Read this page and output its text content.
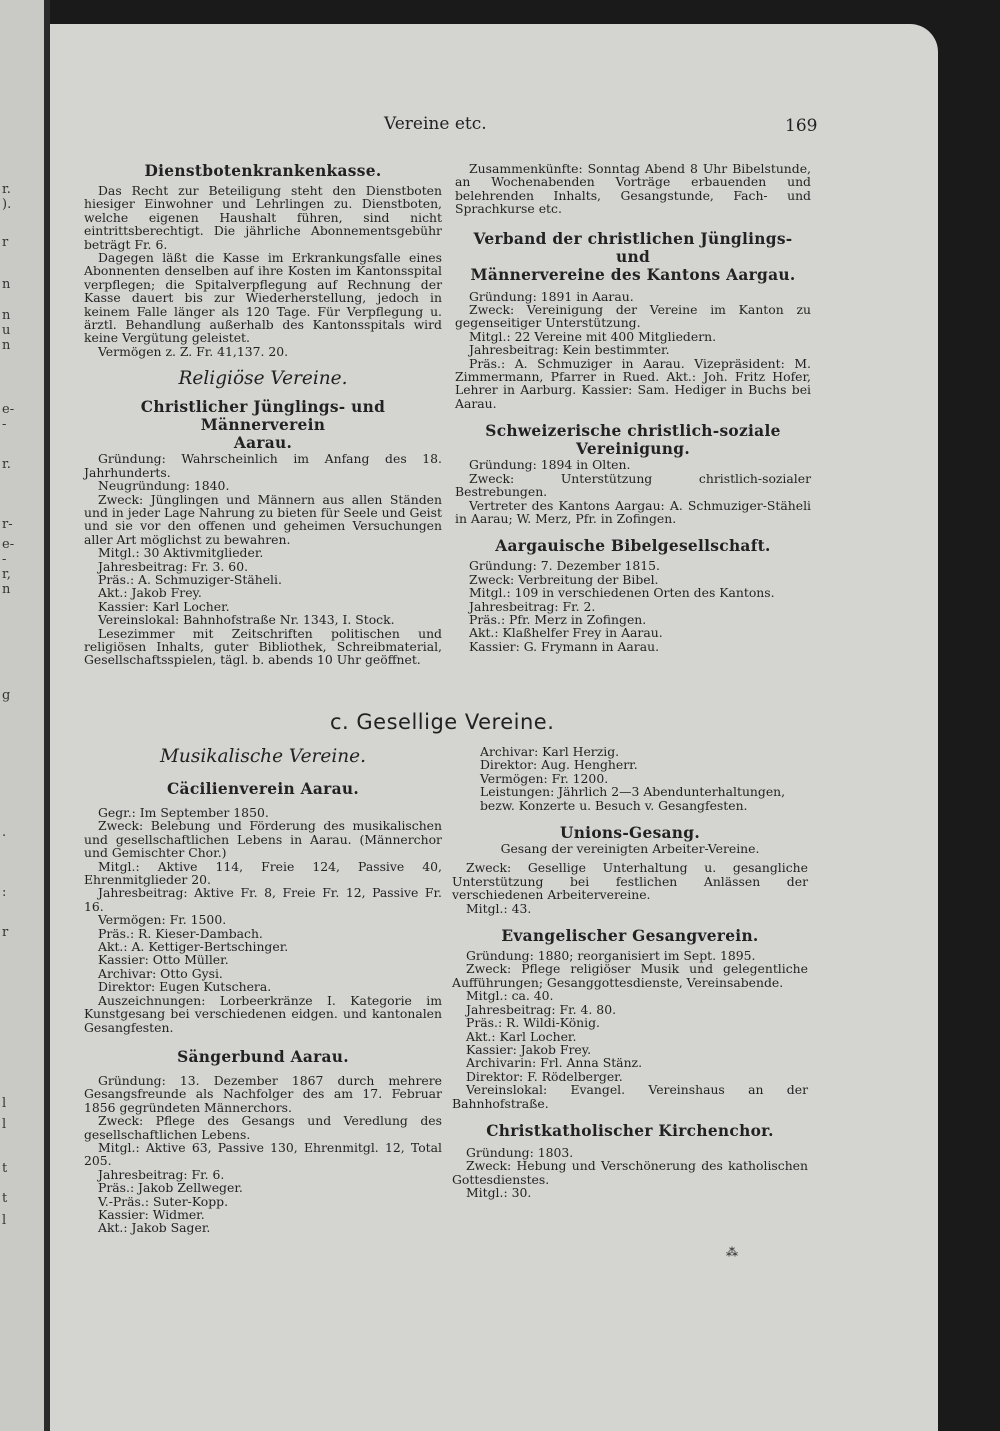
r.
).
r
n
n
u
n
e-
-
r.
r-
e-
-
r,
n
g
.
:
r
l
l
t
t
l
Vereine etc.	169
Dienstbotenkrankenkasse.

Das Recht zur Beteiligung steht den Dienstboten hiesiger Einwohner und Lehrlingen zu. Dienstboten, welche eigenen Haushalt führen, sind nicht eintrittsberechtigt. Die jährliche Abonnementsgebühr beträgt Fr. 6.

Dagegen läßt die Kasse im Erkrankungsfalle eines Abonnenten denselben auf ihre Kosten im Kantonsspital verpflegen; die Spitalverpflegung auf Rechnung der Kasse dauert bis zur Wiederherstellung, jedoch in keinem Falle länger als 120 Tage. Für Verpflegung u. ärztl. Behandlung außerhalb des Kantonsspitals wird keine Vergütung geleistet.

Vermögen z. Z. Fr. 41,137. 20.

Religiöse Vereine.
Christlicher Jünglings- und Männerverein
Aarau.

Gründung: Wahrscheinlich im Anfang des 18. Jahrhunderts.

Neugründung: 1840.

Zweck: Jünglingen und Männern aus allen Ständen und in jeder Lage Nahrung zu bieten für Seele und Geist und sie vor den offenen und geheimen Versuchungen aller Art möglichst zu bewahren.

Mitgl.: 30 Aktivmitglieder.

Jahresbeitrag: Fr. 3. 60.

Präs.: A. Schmuziger-Stäheli.

Akt.: Jakob Frey.

Kassier: Karl Locher.

Vereinslokal: Bahnhofstraße Nr. 1343, I. Stock.

Lesezimmer mit Zeitschriften politischen und religiösen Inhalts, guter Bibliothek, Schreibmaterial, Gesellschaftsspielen, tägl. b. abends 10 Uhr geöffnet.

Zusammenkünfte: Sonntag Abend 8 Uhr Bibelstunde, an Wochenabenden Vorträge erbauenden und belehrenden Inhalts, Gesangstunde, Fach- und Sprachkurse etc.

Verband der christlichen Jünglings- und
Männervereine des Kantons Aargau.

Gründung: 1891 in Aarau.

Zweck: Vereinigung der Vereine im Kanton zu gegenseitiger Unterstützung.

Mitgl.: 22 Vereine mit 400 Mitgliedern.

Jahresbeitrag: Kein bestimmter.

Präs.: A. Schmuziger in Aarau. Vizepräsident: M. Zimmermann, Pfarrer in Rued. Akt.: Joh. Fritz Hofer, Lehrer in Aarburg. Kassier: Sam. Hediger in Buchs bei Aarau.

Schweizerische christlich-soziale
Vereinigung.

Gründung: 1894 in Olten.

Zweck: Unterstützung christlich-sozialer Bestrebungen.

Vertreter des Kantons Aargau: A. Schmuziger-Stäheli in Aarau; W. Merz, Pfr. in Zofingen.

Aargauische Bibelgesellschaft.

Gründung: 7. Dezember 1815.

Zweck: Verbreitung der Bibel.

Mitgl.: 109 in verschiedenen Orten des Kantons.

Jahresbeitrag: Fr. 2.

Präs.: Pfr. Merz in Zofingen.

Akt.: Klaßhelfer Frey in Aarau.

Kassier: G. Frymann in Aarau.

c. Gesellige Vereine.
Musikalische Vereine.
Cäcilienverein Aarau.

Gegr.: Im September 1850.

Zweck: Belebung und Förderung des musikalischen und gesellschaftlichen Lebens in Aarau. (Männerchor und Gemischter Chor.)

Mitgl.: Aktive 114, Freie 124, Passive 40, Ehrenmitglieder 20.

Jahresbeitrag: Aktive Fr. 8, Freie Fr. 12, Passive Fr. 16.

Vermögen: Fr. 1500.

Präs.: R. Kieser-Dambach.

Akt.: A. Kettiger-Bertschinger.

Kassier: Otto Müller.

Archivar: Otto Gysi.

Direktor: Eugen Kutschera.

Auszeichnungen: Lorbeerkränze I. Kategorie im Kunstgesang bei verschiedenen eidgen. und kantonalen Gesangfesten.

Sängerbund Aarau.

Gründung: 13. Dezember 1867 durch mehrere Gesangsfreunde als Nachfolger des am 17. Februar 1856 gegründeten Männerchors.

Zweck: Pflege des Gesangs und Veredlung des gesellschaftlichen Lebens.

Mitgl.: Aktive 63, Passive 130, Ehrenmitgl. 12, Total 205.

Jahresbeitrag: Fr. 6.

Präs.: Jakob Zellweger.

V.-Präs.: Suter-Kopp.

Kassier: Widmer.

Akt.: Jakob Sager.

Archivar: Karl Herzig.

Direktor: Aug. Hengherr.

Vermögen: Fr. 1200.

Leistungen: Jährlich 2—3 Abendunterhaltungen, bezw. Konzerte u. Besuch v. Gesangfesten.

Unions-Gesang.
Gesang der vereinigten Arbeiter-Vereine.

Zweck: Gesellige Unterhaltung u. gesangliche Unterstützung bei festlichen Anlässen der verschiedenen Arbeitervereine.

Mitgl.: 43.

Evangelischer Gesangverein.

Gründung: 1880; reorganisiert im Sept. 1895.

Zweck: Pflege religiöser Musik und gelegentliche Aufführungen; Gesanggottesdienste, Vereinsabende.

Mitgl.: ca. 40.

Jahresbeitrag: Fr. 4. 80.

Präs.: R. Wildi-König.

Akt.: Karl Locher.

Kassier: Jakob Frey.

Archivarin: Frl. Anna Stänz.

Direktor: F. Rödelberger.

Vereinslokal: Evangel. Vereinshaus an der Bahnhofstraße.

Christkatholischer Kirchenchor.

Gründung: 1803.

Zweck: Hebung und Verschönerung des katholischen Gottesdienstes.

Mitgl.: 30.

⁂
